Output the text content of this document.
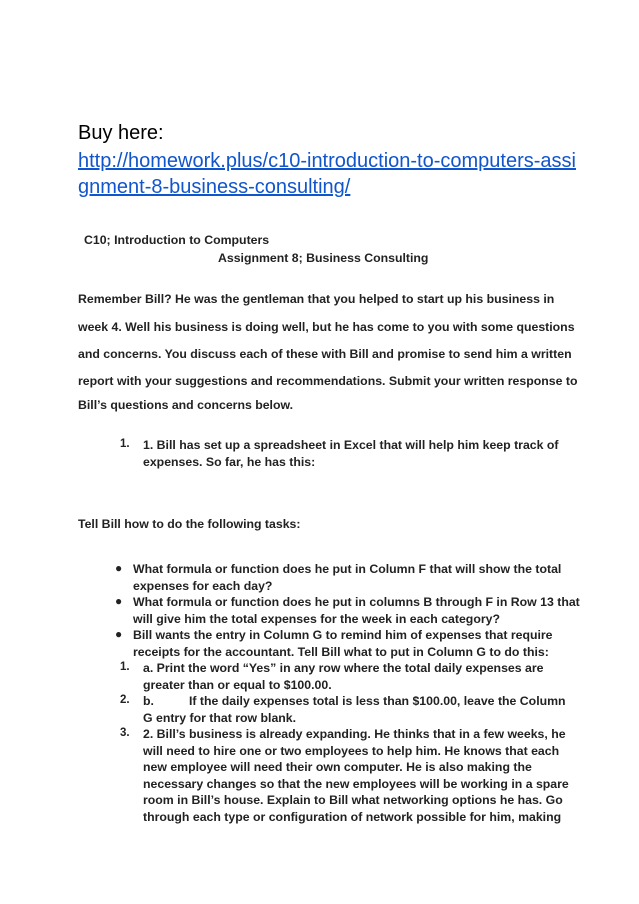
Buy here:
http://homework.plus/c10-introduction-to-computers-assi
gnment-8-business-consulting/
C10; Introduction to Computers
Assignment 8; Business Consulting
Remember Bill? He was the gentleman that you helped to start up his business in
week 4. Well his business is doing well, but he has come to you with some questions
and concerns. You discuss each of these with Bill and promise to send him a written
report with your suggestions and recommendations. Submit your written response to
Bill’s questions and concerns below.
1. 1. Bill has set up a spreadsheet in Excel that will help him keep track of
expenses. So far, he has this:
Tell Bill how to do the following tasks:
● What formula or function does he put in Column F that will show the total
expenses for each day?
● What formula or function does he put in columns B through F in Row 13 that
will give him the total expenses for the week in each category?
● Bill wants the entry in Column G to remind him of expenses that require
receipts for the accountant. Tell Bill what to put in Column G to do this:
1. a. Print the word “Yes” in any row where the total daily expenses are
greater than or equal to $100.00.
2. b.	If the daily expenses total is less than $100.00, leave the Column
G entry for that row blank.
3. 2. Bill’s business is already expanding. He thinks that in a few weeks, he
will need to hire one or two employees to help him. He knows that each
new employee will need their own computer. He is also making the
necessary changes so that the new employees will be working in a spare
room in Bill’s house. Explain to Bill what networking options he has. Go
through each type or configuration of network possible for him, making
